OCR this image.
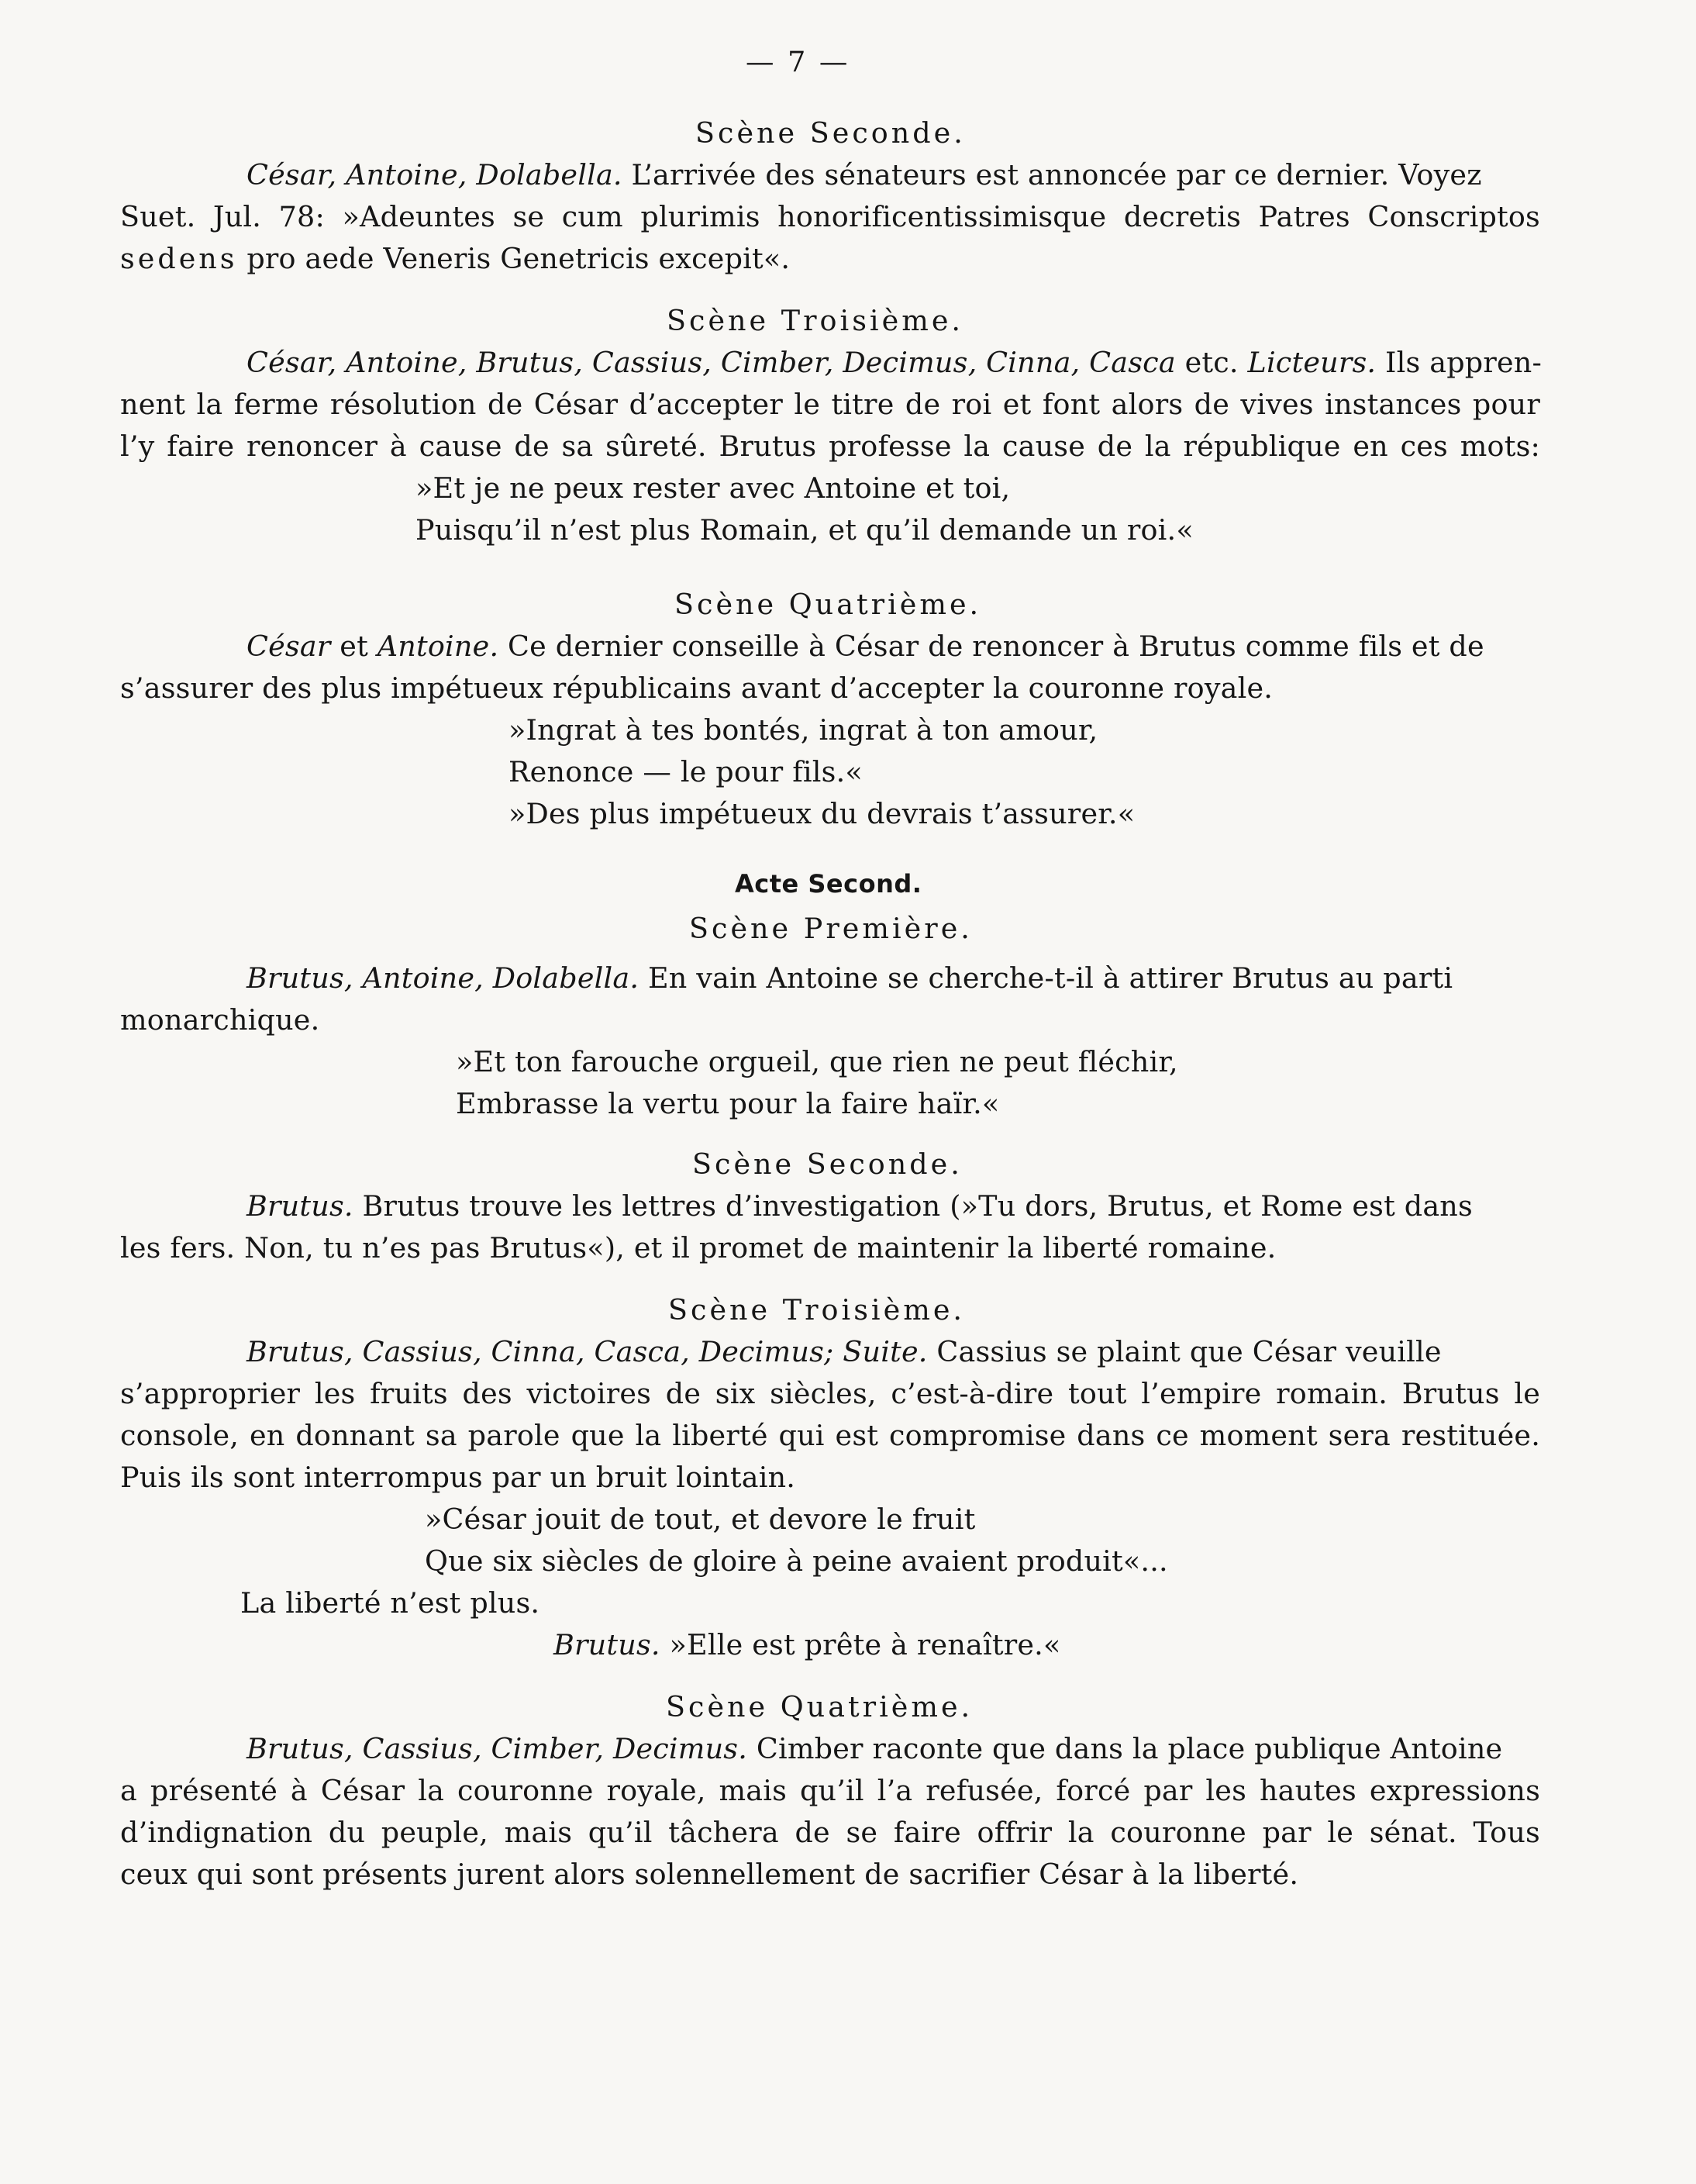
— 7 —
Scène Seconde.
César, Antoine, Dolabella. L’arrivée des sénateurs est annoncée par ce dernier. Voyez
Suet. Jul. 78: »Adeuntes se cum plurimis honorificentissimisque decretis Patres Conscriptos
sedens pro aede Veneris Genetricis excepit«.
Scène Troisième.
César, Antoine, Brutus, Cassius, Cimber, Decimus, Cinna, Casca etc. Licteurs. Ils appren-
nent la ferme résolution de César d’accepter le titre de roi et font alors de vives instances pour
l’y faire renoncer à cause de sa sûreté. Brutus professe la cause de la république en ces mots:
»Et je ne peux rester avec Antoine et toi,
Puisqu’il n’est plus Romain, et qu’il demande un roi.«
Scène Quatrième.
César et Antoine. Ce dernier conseille à César de renoncer à Brutus comme fils et de
s’assurer des plus impétueux républicains avant d’accepter la couronne royale.
»Ingrat à tes bontés, ingrat à ton amour,
Renonce — le pour fils.«
»Des plus impétueux du devrais t’assurer.«
Acte Second.
Scène Première.
Brutus, Antoine, Dolabella. En vain Antoine se cherche-t-il à attirer Brutus au parti
monarchique.
»Et ton farouche orgueil, que rien ne peut fléchir,
Embrasse la vertu pour la faire haïr.«
Scène Seconde.
Brutus. Brutus trouve les lettres d’investigation (»Tu dors, Brutus, et Rome est dans
les fers. Non, tu n’es pas Brutus«), et il promet de maintenir la liberté romaine.
Scène Troisième.
Brutus, Cassius, Cinna, Casca, Decimus; Suite. Cassius se plaint que César veuille
s’approprier les fruits des victoires de six siècles, c’est-à-dire tout l’empire romain. Brutus le
console, en donnant sa parole que la liberté qui est compromise dans ce moment sera restituée.
Puis ils sont interrompus par un bruit lointain.
»César jouit de tout, et devore le fruit
Que six siècles de gloire à peine avaient produit«...
La liberté n’est plus.
Brutus. »Elle est prête à renaître.«
Scène Quatrième.
Brutus, Cassius, Cimber, Decimus. Cimber raconte que dans la place publique Antoine
a présenté à César la couronne royale, mais qu’il l’a refusée, forcé par les hautes expressions
d’indignation du peuple, mais qu’il tâchera de se faire offrir la couronne par le sénat. Tous
ceux qui sont présents jurent alors solennellement de sacrifier César à la liberté.
